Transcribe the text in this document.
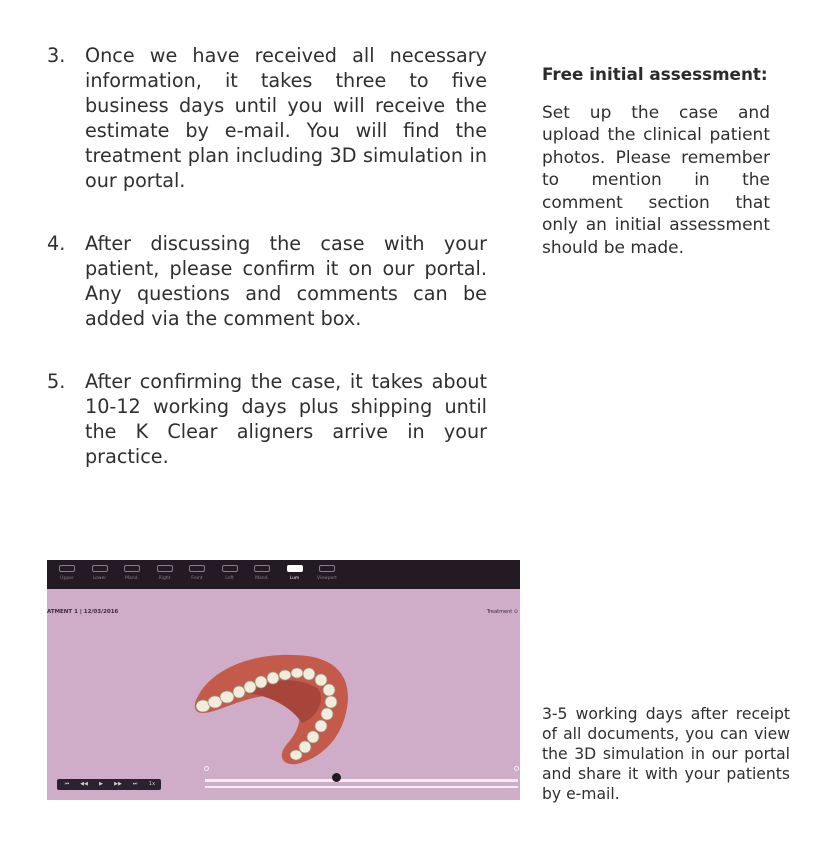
3.	Once we have received all necessary information, it takes three to five business days until you will receive the estimate by e-mail. You will find the treatment plan including 3D simulation in our portal.
4.	After discussing the case with your patient, please confirm it on our portal. Any questions and comments can be added via the comment box.
5.	After confirming the case, it takes about 10-12 working days plus shipping until the K Clear aligners arrive in your practice.
Free initial assessment:
Set up the case and upload the clinical patient photos. Please remember to mention in the comment section that only an initial assessment should be made.
Upper	Lower	Mand.	Right	Front	Left	Mand.	Lum	Viewport
ATMENT 1 | 12/03/2016	Treatment ⊙
⏮	◀◀	▶	▶▶	⏭	1x
3-5 working days after receipt of all documents, you can view the 3D simulation in our portal and share it with your patients by e-mail.
